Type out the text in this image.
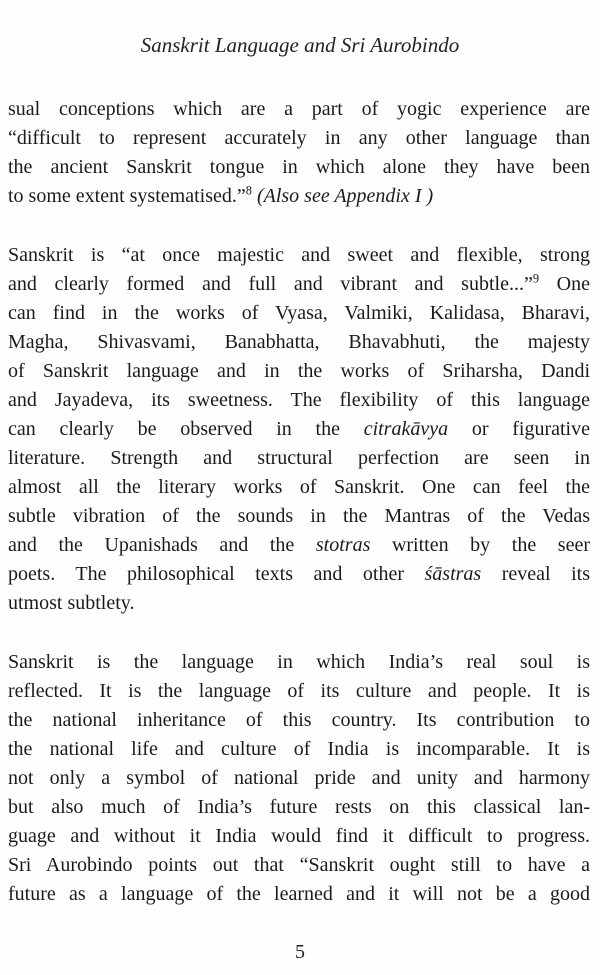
Sanskrit Language and Sri Aurobindo
sual conceptions which are a part of yogic experience are
“difficult to represent accurately in any other language than
the ancient Sanskrit tongue in which alone they have been
to some extent systematised.”$^8$ (Also see Appendix I )
Sanskrit is “at once majestic and sweet and flexible, strong
and clearly formed and full and vibrant and subtle...”$^9$ One
can find in the works of Vyasa, Valmiki, Kalidasa, Bharavi,
Magha, Shivasvami, Banabhatta, Bhavabhuti, the majesty
of Sanskrit language and in the works of Sriharsha, Dandi
and Jayadeva, its sweetness. The flexibility of this language
can clearly be observed in the citrakāvya or figurative
literature. Strength and structural perfection are seen in
almost all the literary works of Sanskrit. One can feel the
subtle vibration of the sounds in the Mantras of the Vedas
and the Upanishads and the stotras written by the seer
poets. The philosophical texts and other śāstras reveal its
utmost subtlety.
Sanskrit is the language in which India’s real soul is
reflected. It is the language of its culture and people. It is
the national inheritance of this country. Its contribution to
the national life and culture of India is incomparable. It is
not only a symbol of national pride and unity and harmony
but also much of India’s future rests on this classical lan-
guage and without it India would find it difficult to progress.
Sri Aurobindo points out that “Sanskrit ought still to have a
future as a language of the learned and it will not be a good
5
